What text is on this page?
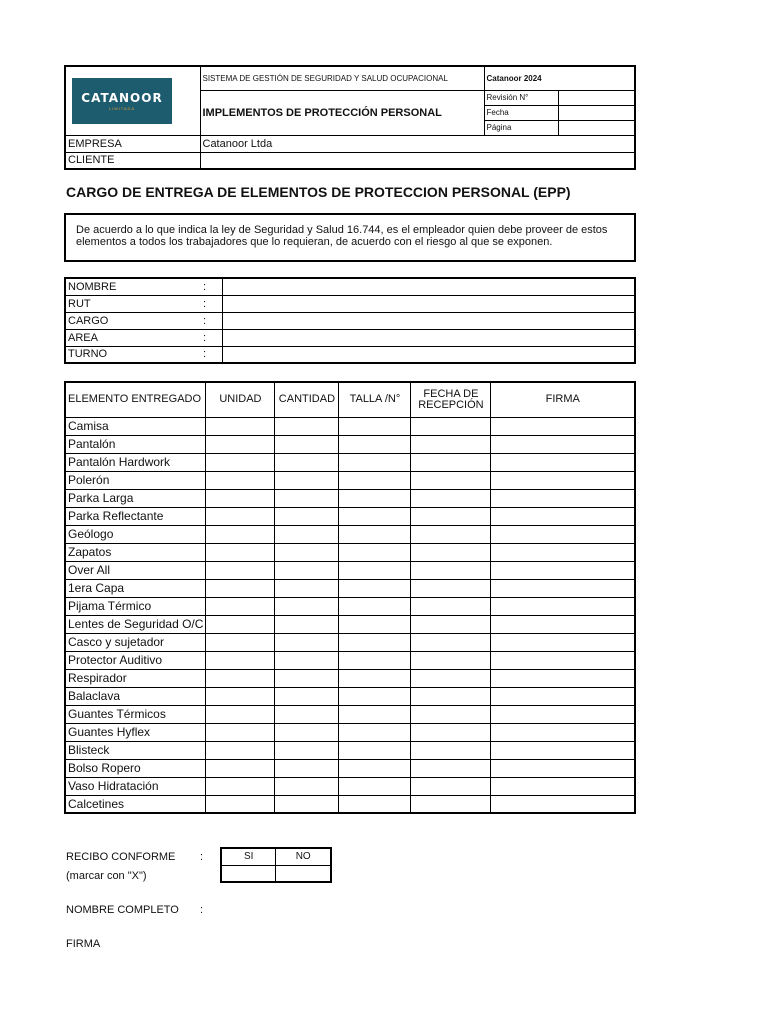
CATANOOR
LIMITADA	SISTEMA DE GESTIÓN DE SEGURIDAD Y SALUD OCUPACIONAL	Catanoor 2024	
	IMPLEMENTOS DE PROTECCIÓN PERSONAL	Revisión N°	
		Fecha	
		Página	
EMPRESA	Catanoor Ltda		
CLIENTE			
CARGO DE ENTREGA DE ELEMENTOS DE PROTECCION PERSONAL (EPP)
De acuerdo a lo que indica la ley de Seguridad y Salud 16.744, es el empleador quien debe proveer de estos elementos a todos los trabajadores que lo requieran, de acuerdo con el riesgo al que se exponen.
NOMBRE	:	
RUT	:	
CARGO	:	
AREA	:	
TURNO	:	
ELEMENTO ENTREGADO	UNIDAD	CANTIDAD	TALLA /N°	FECHA DE RECEPCIÓN	FIRMA
Camisa					
Pantalón					
Pantalón Hardwork					
Polerón					
Parka Larga					
Parka Reflectante					
Geólogo					
Zapatos					
Over All					
1era Capa					
Pijama Térmico					
Lentes de Seguridad O/C					
Casco y sujetador					
Protector Auditivo					
Respirador					
Balaclava					
Guantes Térmicos					
Guantes Hyflex					
Blisteck					
Bolso Ropero					
Vaso Hidratación					
Calcetines					
RECIBO CONFORME :
(marcar con "X")
SI	NO

NOMBRE COMPLETO :
FIRMA
